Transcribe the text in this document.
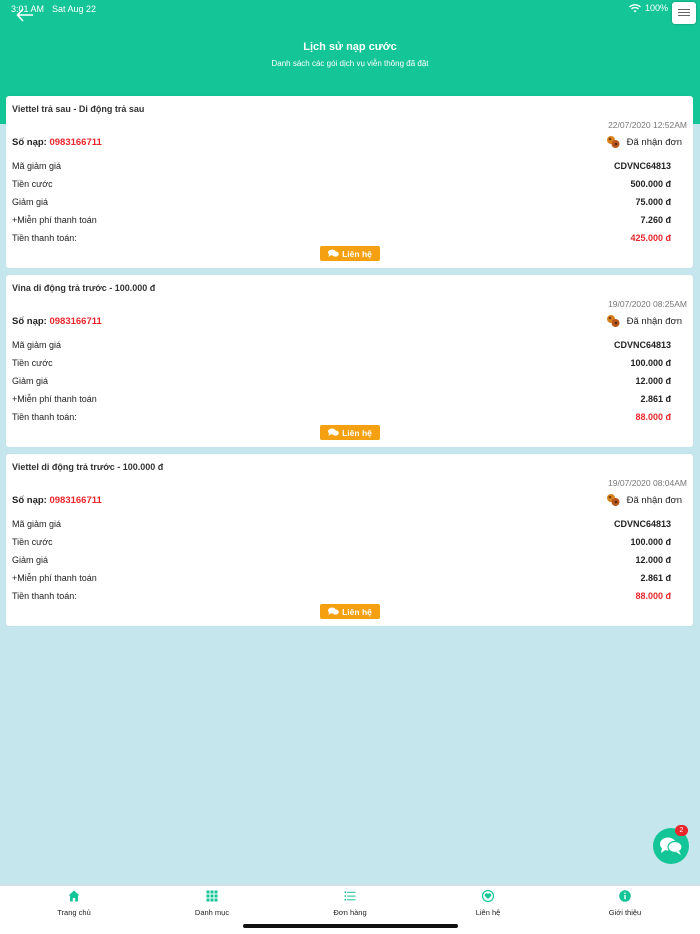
3:01 AM Sat Aug 22	100%
Lịch sử nạp cước
Danh sách các gói dịch vụ viễn thông đã đặt
Viettel trả sau - Di động trả sau
22/07/2020 12:52AM
Số nạp: 0983166711	Đã nhận đơn
Mã giảm giá	CDVNC64813
Tiền cước	500.000 đ
Giảm giá	75.000 đ
+Miễn phí thanh toán	7.260 đ
Tiền thanh toán:	425.000 đ
Liên hệ
Vina di động trả trước - 100.000 đ
19/07/2020 08:25AM
Số nạp: 0983166711	Đã nhận đơn
Mã giảm giá	CDVNC64813
Tiền cước	100.000 đ
Giảm giá	12.000 đ
+Miễn phí thanh toán	2.861 đ
Tiền thanh toán:	88.000 đ
Liên hệ
Viettel di động trả trước - 100.000 đ
19/07/2020 08:04AM
Số nạp: 0983166711	Đã nhận đơn
Mã giảm giá	CDVNC64813
Tiền cước	100.000 đ
Giảm giá	12.000 đ
+Miễn phí thanh toán	2.861 đ
Tiền thanh toán:	88.000 đ
Liên hệ
2
Trang chủ	Danh mục	Đơn hàng	Liên hệ	Giới thiệu
